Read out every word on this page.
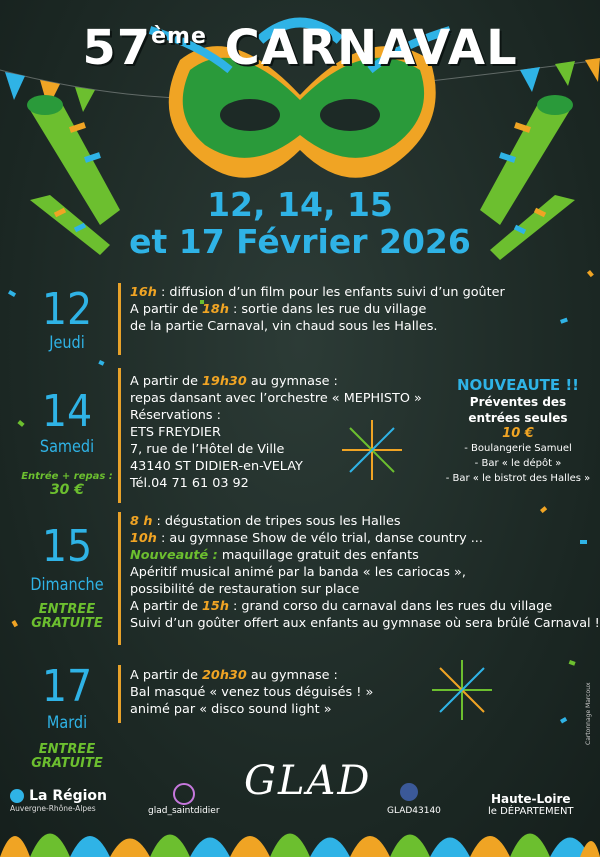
57ème CARNAVAL
12, 14, 15
et 17 Février 2026
12
Jeudi
16h : diffusion d’un film pour les enfants suivi d’un goûter
A partir de 18h : sortie dans les rue du village
de la partie Carnaval, vin chaud sous les Halles.
14
Samedi
Entrée + repas :
30 €
A partir de 19h30 au gymnase :
repas dansant avec l’orchestre « MEPHISTO »
Réservations :
ETS FREYDIER
7, rue de l’Hôtel de Ville
43140 ST DIDIER-en-VELAY
Tél.04 71 61 03 92
NOUVEAUTE !!
Préventes des
entrées seules
10 €
- Boulangerie Samuel
- Bar « le dépôt »
- Bar « le bistrot des Halles »
15
Dimanche
ENTREE
GRATUITE
8 h : dégustation de tripes sous les Halles
10h : au gymnase Show de vélo trial, danse country ...
Nouveauté : maquillage gratuit des enfants
Apéritif musical animé par la banda « les cariocas »,
possibilité de restauration sur place
A partir de 15h : grand corso du carnaval dans les rues du village
Suivi d’un goûter offert aux enfants au gymnase où sera brûlé Carnaval !
17
Mardi
ENTREE
GRATUITE
A partir de 20h30 au gymnase :
Bal masqué « venez tous déguisés ! »
animé par « disco sound light »
La Région
Auvergne-Rhône-Alpes	glad_saintdidier
GLAD
GLAD43140
Haute-Loire
le DÉPARTEMENT
Cartonnage Marcoux
